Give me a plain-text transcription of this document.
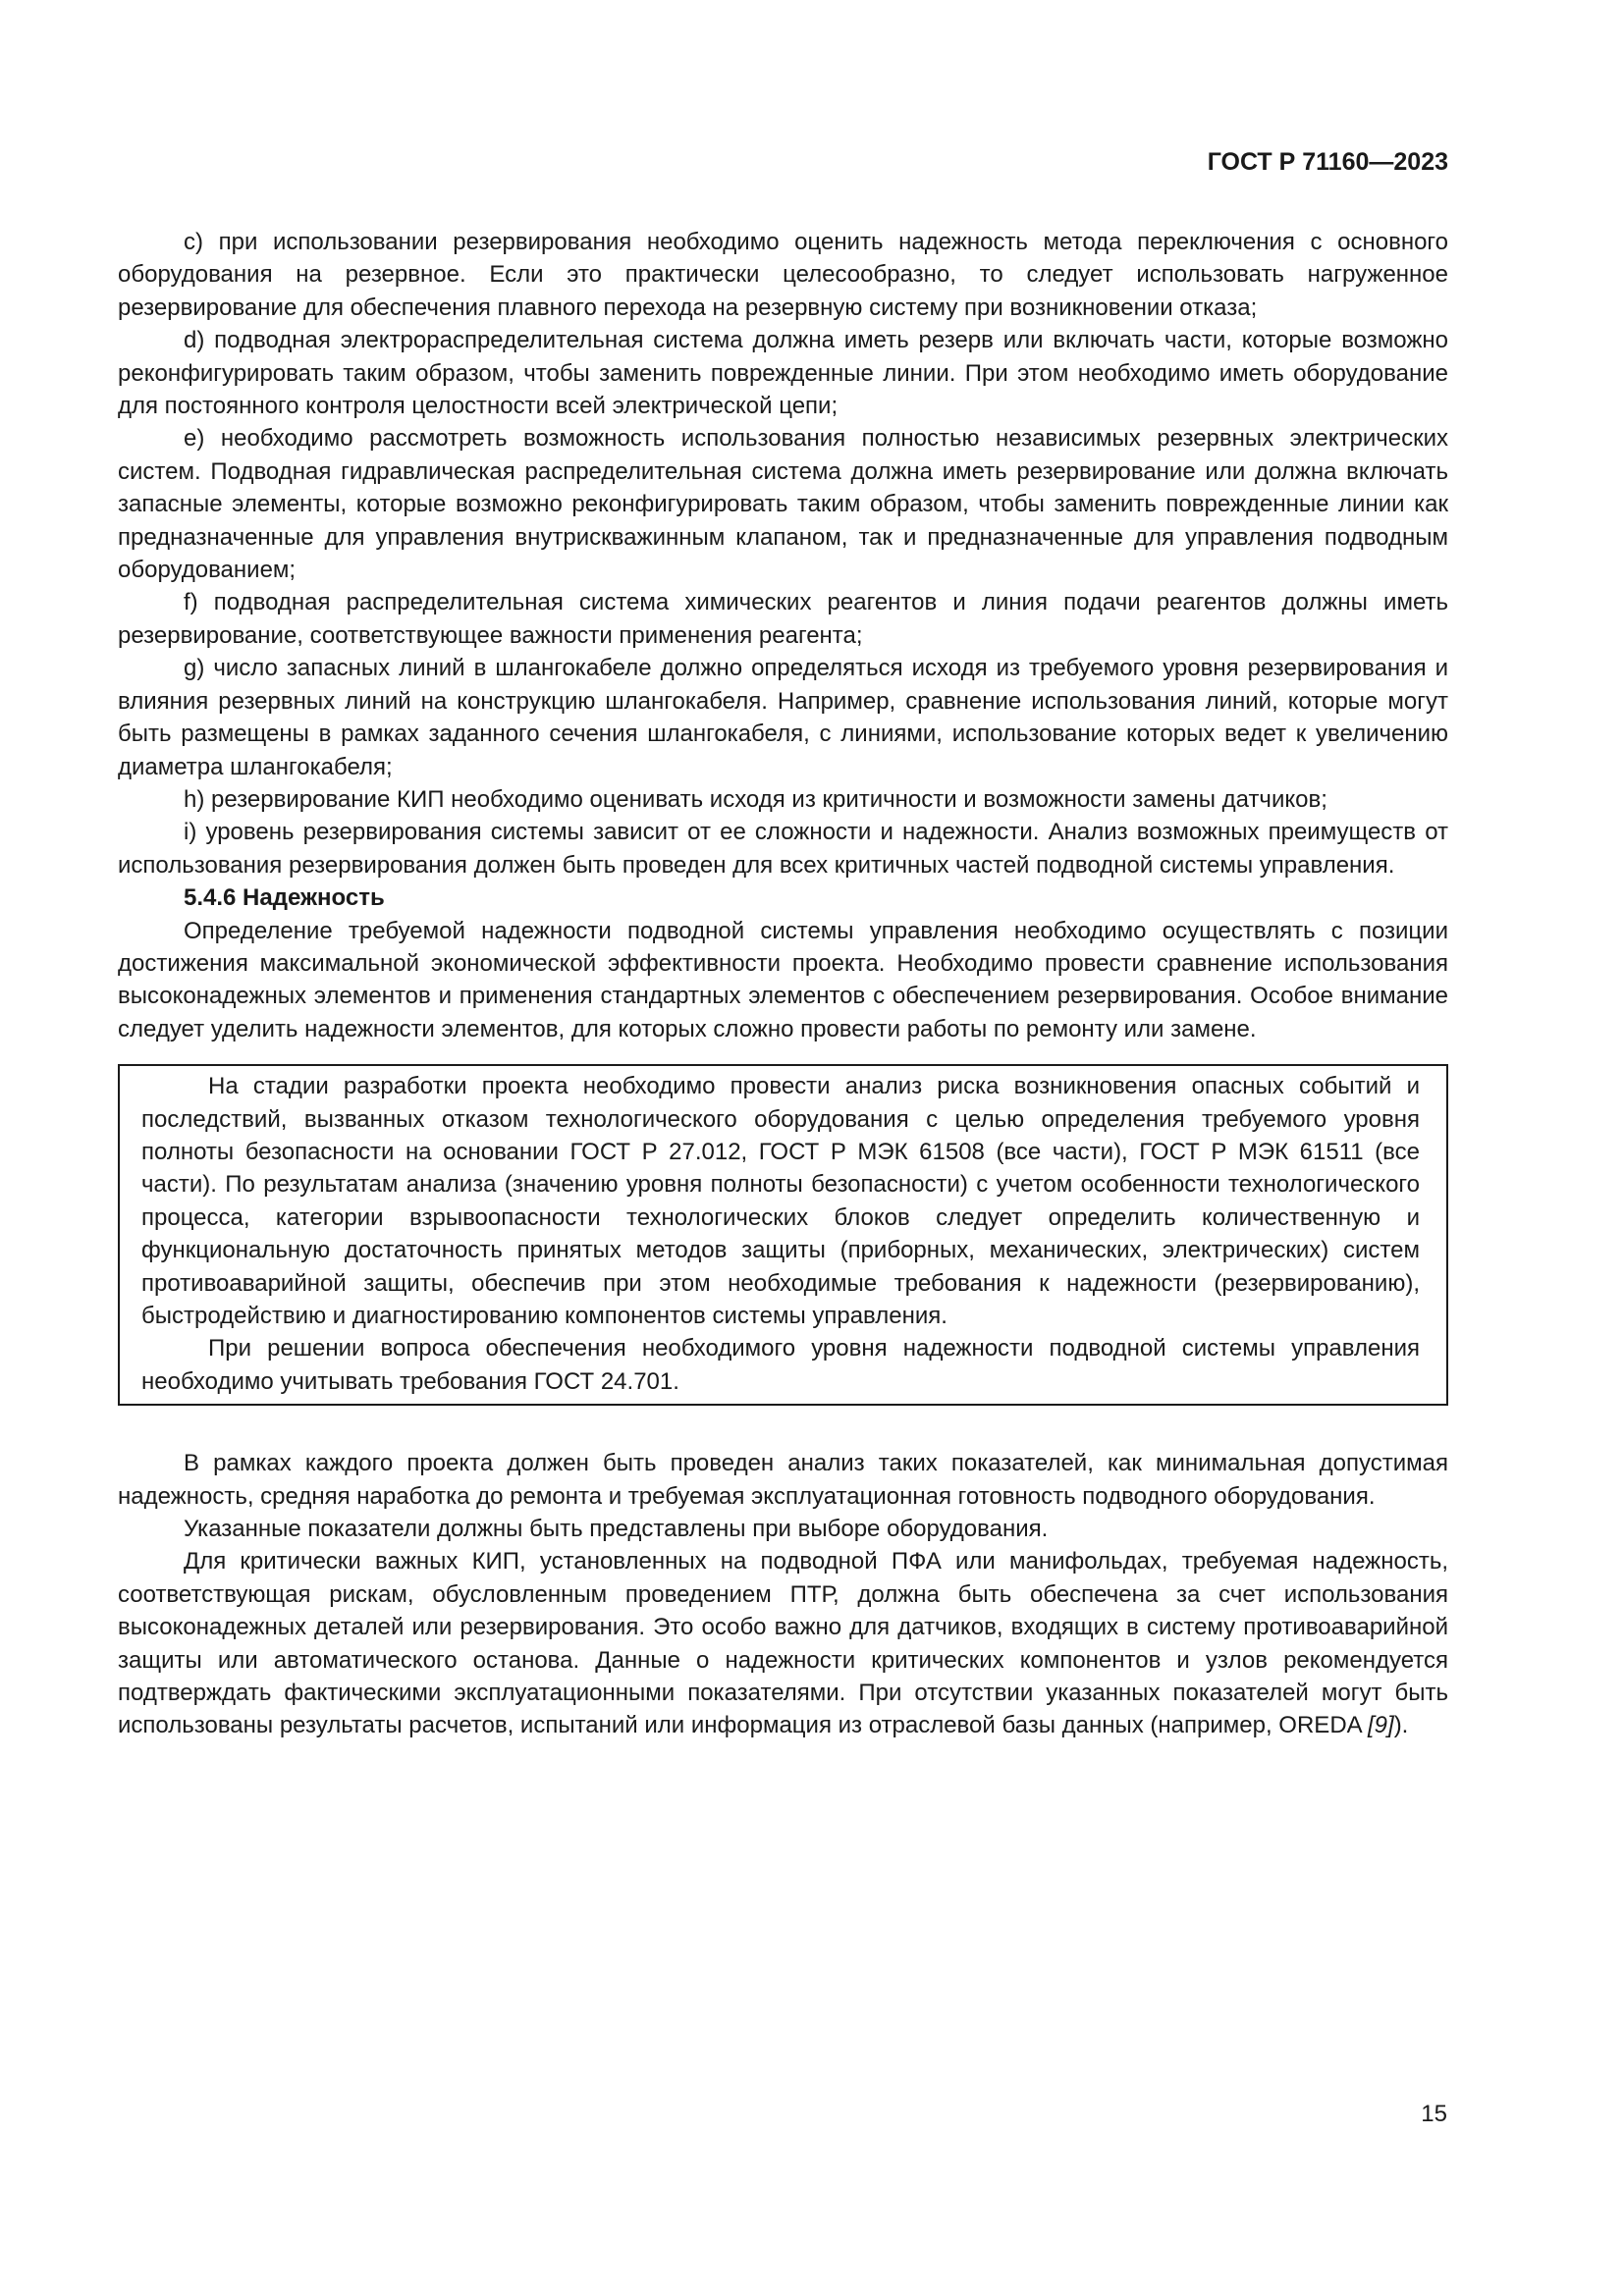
ГОСТ Р 71160—2023

c) при использовании резервирования необходимо оценить надежность метода переключения с основного оборудования на резервное. Если это практически целесообразно, то следует использовать нагруженное резервирование для обеспечения плавного перехода на резервную систему при возникновении отказа;

d) подводная электрораспределительная система должна иметь резерв или включать части, которые возможно реконфигурировать таким образом, чтобы заменить поврежденные линии. При этом необходимо иметь оборудование для постоянного контроля целостности всей электрической цепи;

е) необходимо рассмотреть возможность использования полностью независимых резервных электрических систем. Подводная гидравлическая распределительная система должна иметь резервирование или должна включать запасные элементы, которые возможно реконфигурировать таким образом, чтобы заменить поврежденные линии как предназначенные для управления внутрискважинным клапаном, так и предназначенные для управления подводным оборудованием;

f) подводная распределительная система химических реагентов и линия подачи реагентов должны иметь резервирование, соответствующее важности применения реагента;

g) число запасных линий в шлангокабеле должно определяться исходя из требуемого уровня резервирования и влияния резервных линий на конструкцию шлангокабеля. Например, сравнение использования линий, которые могут быть размещены в рамках заданного сечения шлангокабеля, с линиями, использование которых ведет к увеличению диаметра шлангокабеля;

h) резервирование КИП необходимо оценивать исходя из критичности и возможности замены датчиков;

i) уровень резервирования системы зависит от ее сложности и надежности. Анализ возможных преимуществ от использования резервирования должен быть проведен для всех критичных частей подводной системы управления.

5.4.6 Надежность

Определение требуемой надежности подводной системы управления необходимо осуществлять с позиции достижения максимальной экономической эффективности проекта. Необходимо провести сравнение использования высоконадежных элементов и применения стандартных элементов с обеспечением резервирования. Особое внимание следует уделить надежности элементов, для которых сложно провести работы по ремонту или замене.

На стадии разработки проекта необходимо провести анализ риска возникновения опасных событий и последствий, вызванных отказом технологического оборудования с целью определения требуемого уровня полноты безопасности на основании ГОСТ Р 27.012, ГОСТ Р МЭК 61508 (все части), ГОСТ Р МЭК 61511 (все части). По результатам анализа (значению уровня полноты безопасности) с учетом особенности технологического процесса, категории взрывоопасности технологических блоков следует определить количественную и функциональную достаточность принятых методов защиты (приборных, механических, электрических) систем противоаварийной защиты, обеспечив при этом необходимые требования к надежности (резервированию), быстродействию и диагностированию компонентов системы управления.

При решении вопроса обеспечения необходимого уровня надежности подводной системы управления необходимо учитывать требования ГОСТ 24.701.

В рамках каждого проекта должен быть проведен анализ таких показателей, как минимальная допустимая надежность, средняя наработка до ремонта и требуемая эксплуатационная готовность подводного оборудования.

Указанные показатели должны быть представлены при выборе оборудования.

Для критически важных КИП, установленных на подводной ПФА или манифольдах, требуемая надежность, соответствующая рискам, обусловленным проведением ПТР, должна быть обеспечена за счет использования высоконадежных деталей или резервирования. Это особо важно для датчиков, входящих в систему противоаварийной защиты или автоматического останова. Данные о надежности критических компонентов и узлов рекомендуется подтверждать фактическими эксплуатационными показателями. При отсутствии указанных показателей могут быть использованы результаты расчетов, испытаний или информация из отраслевой базы данных (например, OREDA [9]).

15
